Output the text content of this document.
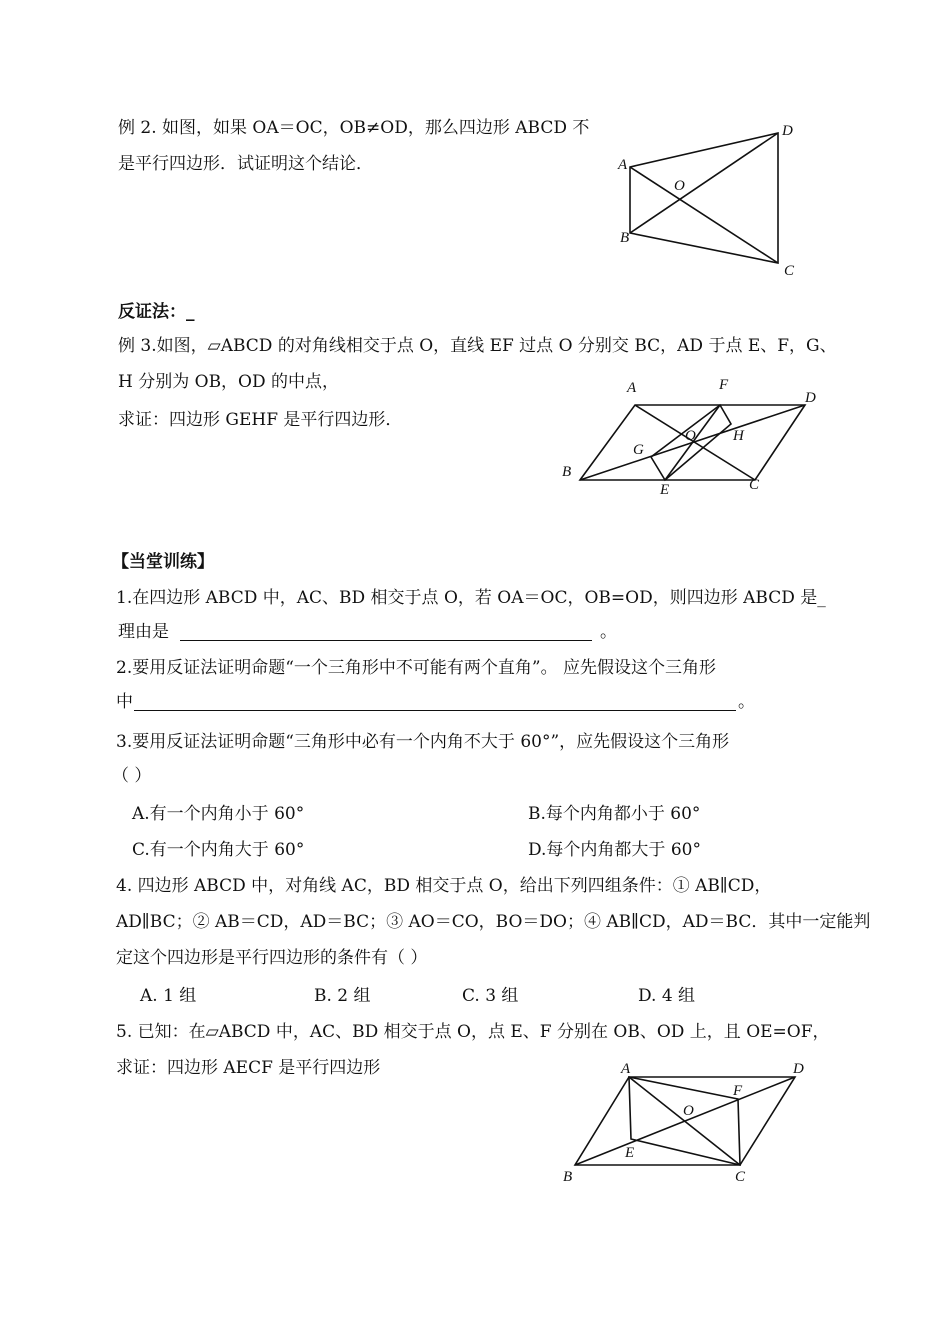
例 2. 如图，如果 OA＝OC，OB≠OD，那么四边形 ABCD 不
是平行四边形．试证明这个结论．	A
B
C
D
O
反证法：_
例 3.如图，▱ABCD 的对角线相交于点 O，直线 EF 过点 O 分别交 BC，AD 于点 E、F，G、
H 分别为 OB，OD 的中点，
求证：四边形 GEHF 是平行四边形．
A	F
D
B
E	C
G
O H
【当堂训练】
1.在四边形 ABCD 中，AC、BD 相交于点 O，若 OA＝OC，OB=OD，则四边形 ABCD 是_
理由是	。
2.要用反证法证明命题“一个三角形中不可能有两个直角”。 应先假设这个三角形
中	。
3.要用反证法证明命题“三角形中必有一个内角不大于 60°”，应先假设这个三角形
（ ）
A.有一个内角小于 60°	B.每个内角都小于 60°
C.有一个内角大于 60°	D.每个内角都大于 60°
4. 四边形 ABCD 中，对角线 AC，BD 相交于点 O，给出下列四组条件：① AB∥CD，
AD∥BC；② AB＝CD，AD＝BC；③ AO＝CO，BO＝DO；④ AB∥CD，AD＝BC．其中一定能判
定这个四边形是平行四边形的条件有（ ）
A. 1 组	B. 2 组	C. 3 组	D. 4 组
5. 已知：在▱ABCD 中，AC、BD 相交于点 O，点 E、F 分别在 OB、OD 上，且 OE=OF，
求证：四边形 AECF 是平行四边形	A	D
F
O
E
B	C
